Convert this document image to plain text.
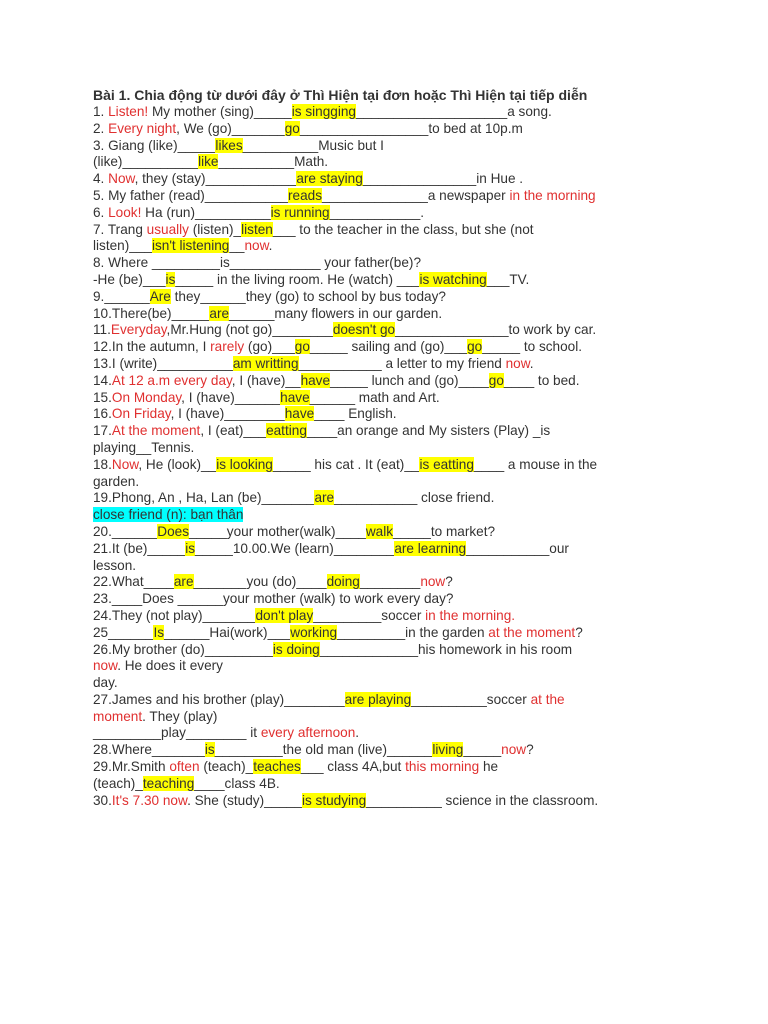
Bài 1. Chia động từ dưới đây ở Thì Hiện tại đơn hoặc Thì Hiện tại tiếp diễn
1. Listen! My mother (sing)_____is singging____________________a song.
2. Every night, We (go)_______go_________________to bed at 10p.m
3. Giang (like)_____likes__________Music but I
(like)__________like__________Math.
4. Now, they (stay)____________are staying_______________in Hue .
5. My father (read)___________reads______________a newspaper in the morning
6. Look! Ha (run)__________is running____________.
7. Trang usually (listen)_listen___ to the teacher in the class, but she (not
listen)___isn't listening__now.
8. Where _________is____________ your father(be)?
-He (be)___is_____ in the living room. He (watch) ___is watching___TV.
9.______Are they______they (go) to school by bus today?
10.There(be)_____are______many flowers in our garden.
11.Everyday,Mr.Hung (not go)________doesn't go_______________to work by car.
12.In the autumn, I rarely (go)___go_____ sailing and (go)___go_____ to school.
13.I (write)__________am writting___________ a letter to my friend now.
14.At 12 a.m every day, I (have)__have_____ lunch and (go)____go____ to bed.
15.On Monday, I (have)______have______ math and Art.
16.On Friday, I (have)________have____ English.
17.At the moment, I (eat)___eatting____an orange and My sisters (Play) _is
playing__Tennis.
18.Now, He (look)__is looking_____ his cat . It (eat)__is eatting____ a mouse in the
garden.
19.Phong, An , Ha, Lan (be)_______are___________ close friend.
close friend (n): bạn thân
20.______Does_____your mother(walk)____walk_____to market?
21.It (be)_____is_____10.00.We (learn)________are learning___________our
lesson.
22.What____are_______you (do)____doing________now?
23.____Does ______your mother (walk) to work every day?
24.They (not play)_______don't play_________soccer in the morning.
25______Is______Hai(work)___working_________in the garden at the moment?
26.My brother (do)_________is doing_____________his homework in his room
now. He does it every
day.
27.James and his brother (play)________are playing__________soccer at the
moment. They (play)
_________play________ it every afternoon.
28.Where_______is_________the old man (live)______living_____now?
29.Mr.Smith often (teach)_teaches___ class 4A,but this morning he
(teach)_teaching____class 4B.
30.It's 7.30 now. She (study)_____is studying__________ science in the classroom.
